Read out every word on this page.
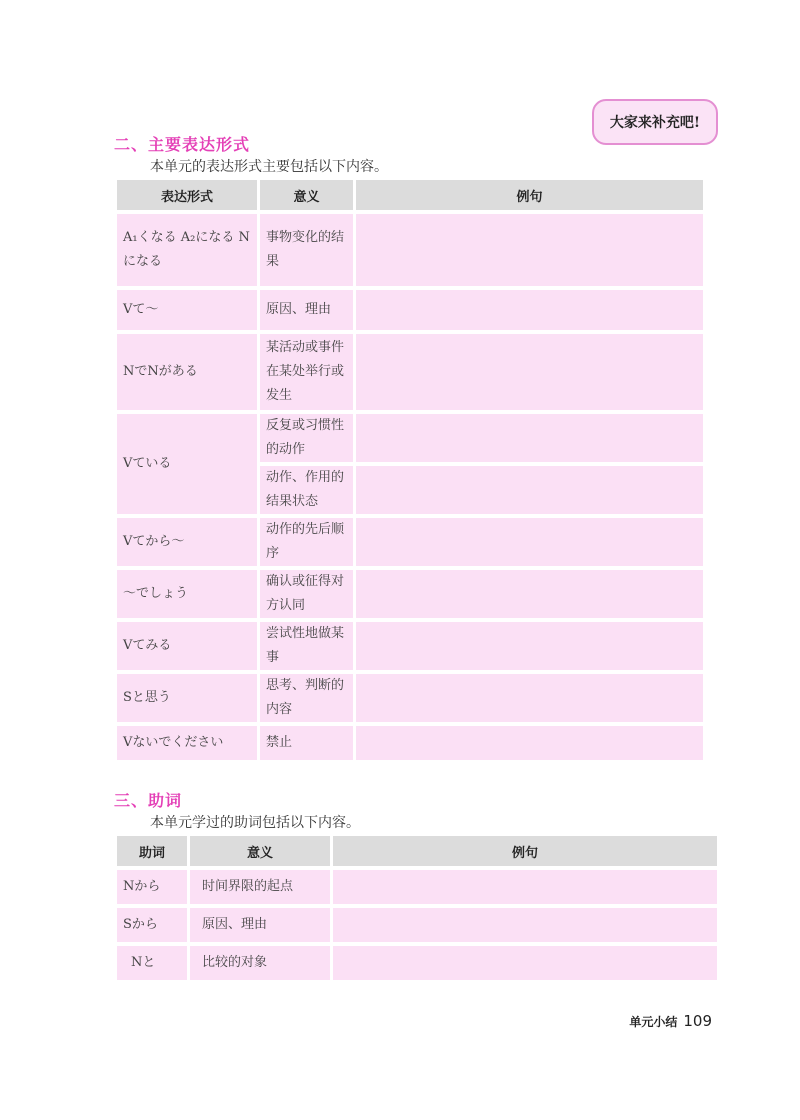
大家来补充吧!
二、主要表达形式
本单元的表达形式主要包括以下内容。
表达形式	意义	例句
A₁くなる A₂になる Nになる	事物变化的结果	
Vて～	原因、理由	
NでNがある	某活动或事件在某处举行或发生	
Vている	反复或习惯性的动作	
	动作、作用的结果状态	
Vてから～	动作的先后顺序	
～でしょう	确认或征得对方认同	
Vてみる	尝试性地做某事	
Sと思う	思考、判断的内容	
Vないでください	禁止	
三、助词
本单元学过的助词包括以下内容。
助词	意义	例句
Nから	时间界限的起点	
Sから	原因、理由	
Nと	比较的对象	
单元小结 109
